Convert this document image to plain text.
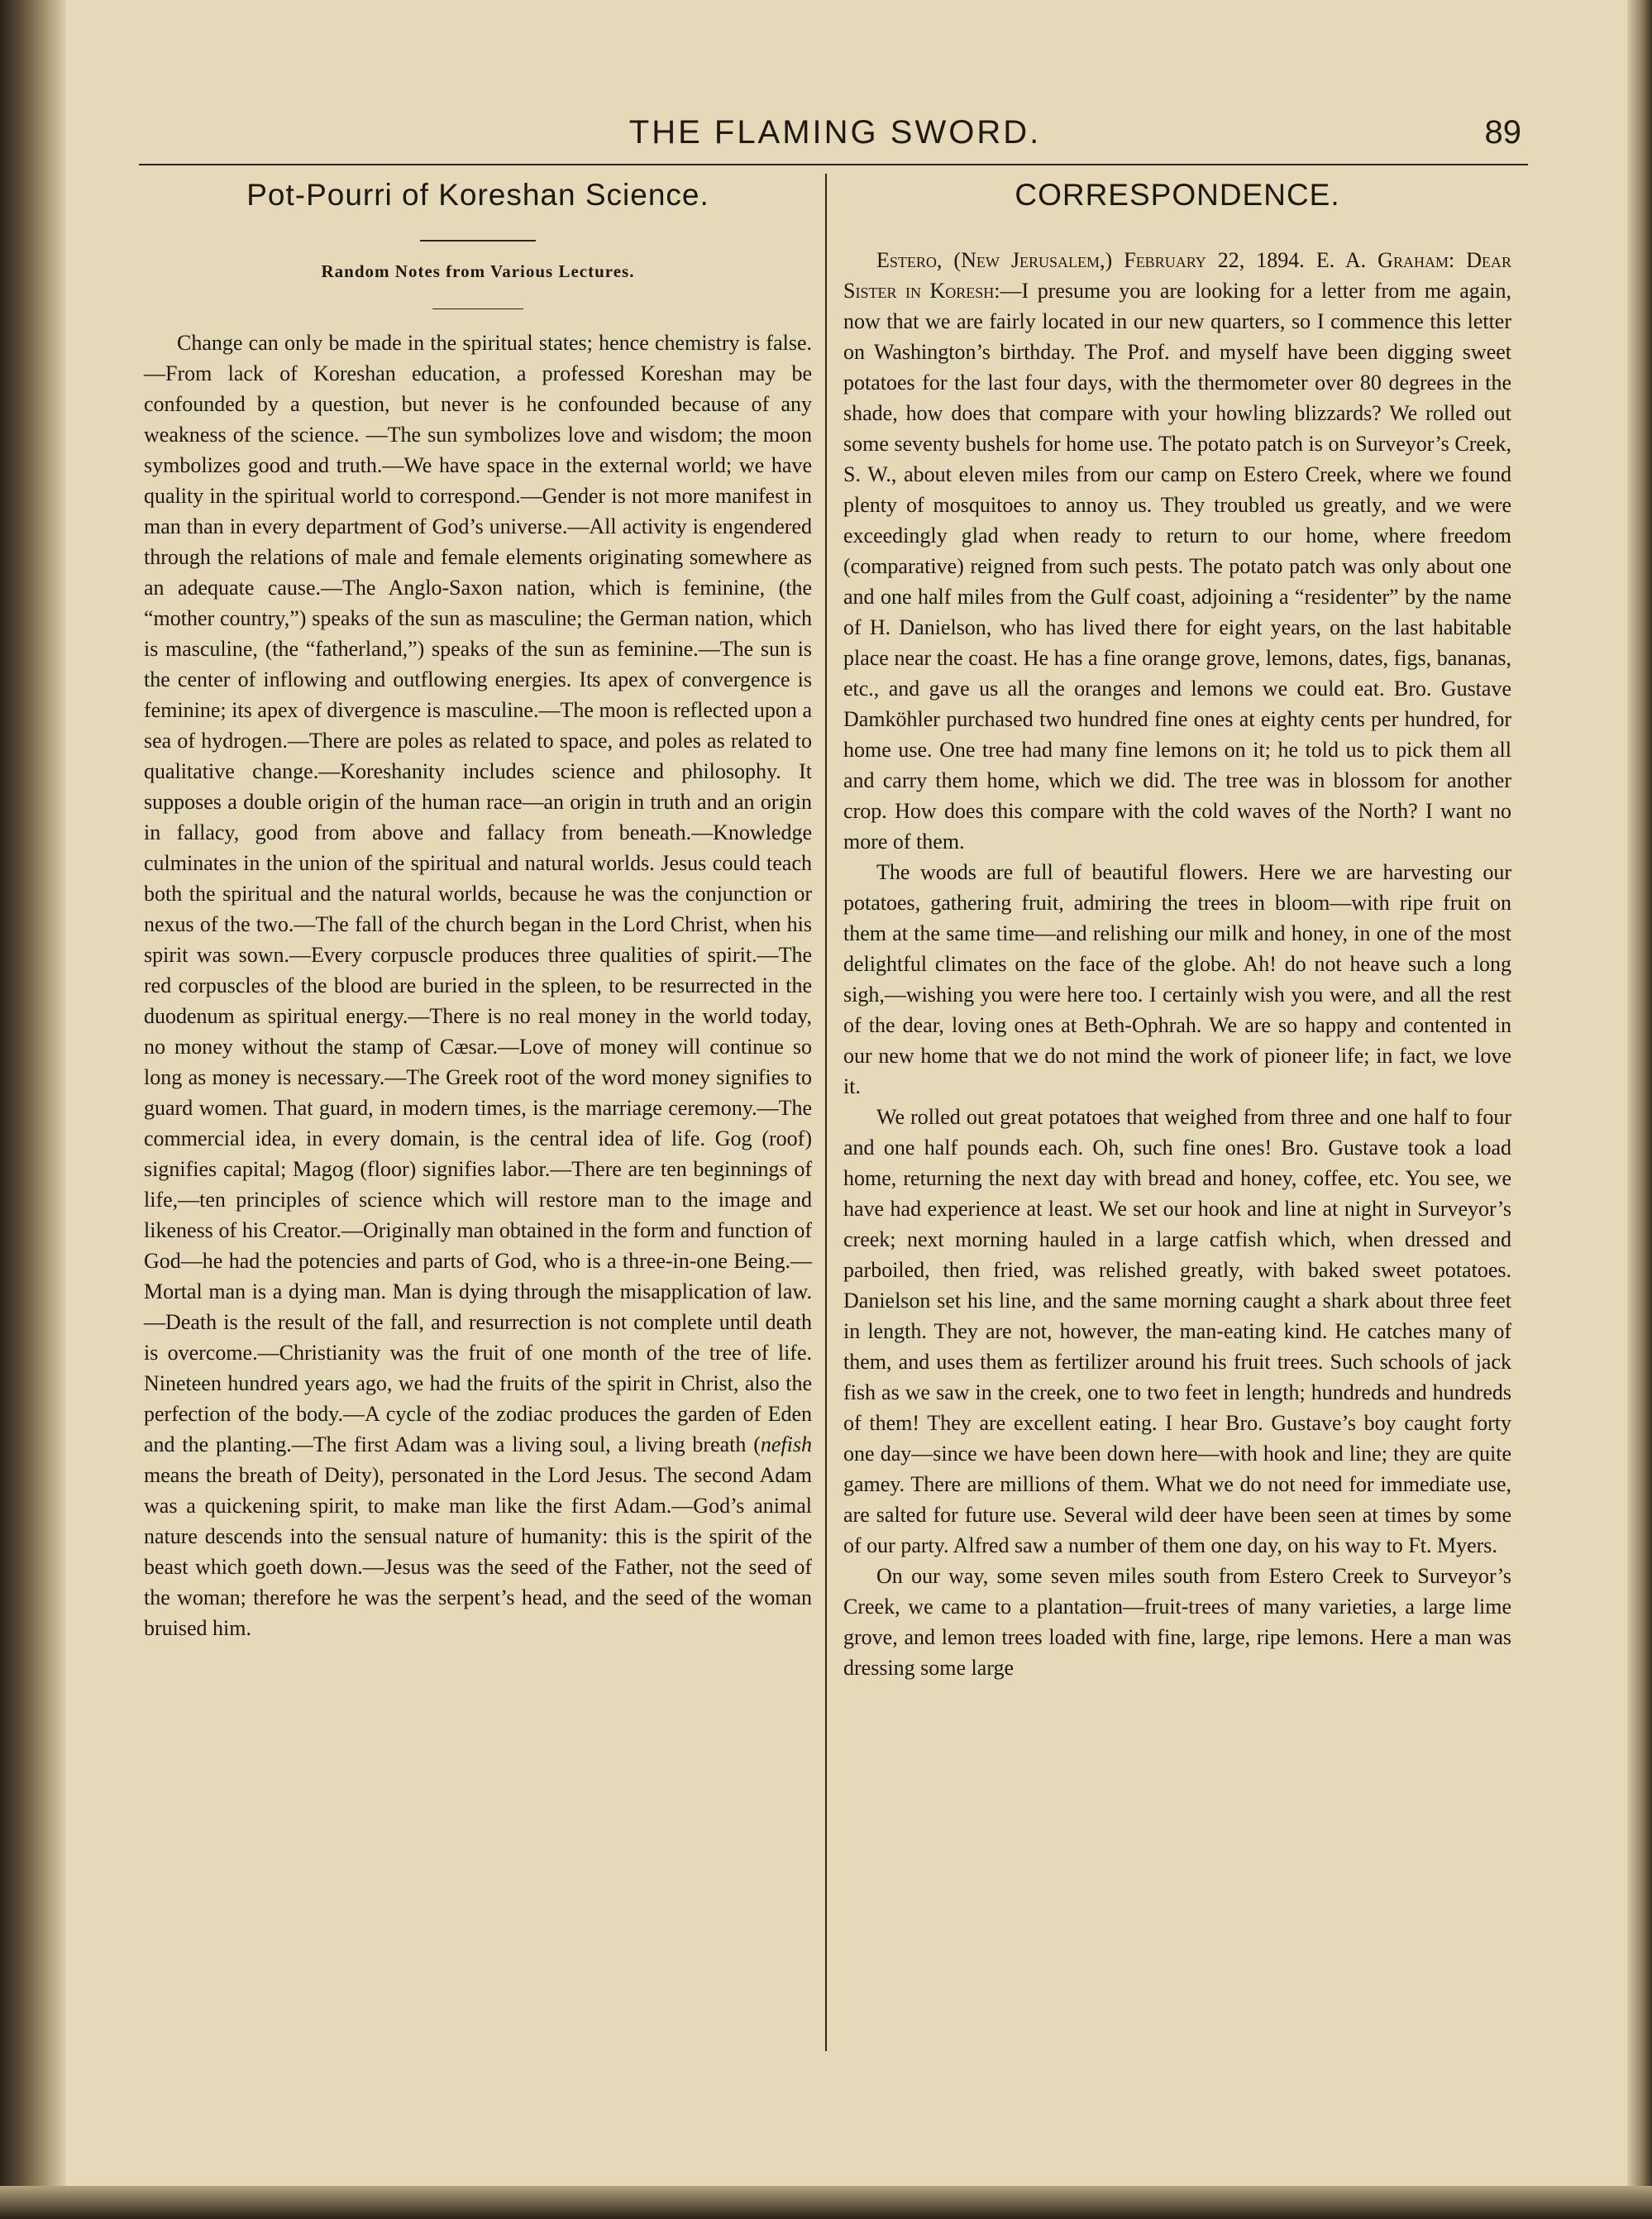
THE FLAMING SWORD.	89
Pot-Pourri of Koreshan Science.
Random Notes from Various Lectures.

Change can only be made in the spiritual states; hence chemistry is false.—From lack of Koreshan education, a professed Koreshan may be confounded by a question, but never is he confounded because of any weakness of the science. —The sun symbolizes love and wisdom; the moon symbolizes good and truth.—We have space in the external world; we have quality in the spiritual world to correspond.—Gender is not more manifest in man than in every department of God’s universe.—All activity is engendered through the relations of male and female elements originating somewhere as an adequate cause.—The Anglo-Saxon nation, which is feminine, (the “mother country,”) speaks of the sun as masculine; the German nation, which is masculine, (the “fatherland,”) speaks of the sun as feminine.—The sun is the center of inflowing and outflowing energies. Its apex of convergence is feminine; its apex of divergence is masculine.—The moon is reflected upon a sea of hydrogen.—There are poles as related to space, and poles as related to qualitative change.—Koreshanity includes science and philosophy. It supposes a double origin of the human race—an origin in truth and an origin in fallacy, good from above and fallacy from beneath.—Knowledge culminates in the union of the spiritual and natural worlds. Jesus could teach both the spiritual and the natural worlds, because he was the conjunction or nexus of the two.—The fall of the church began in the Lord Christ, when his spirit was sown.—Every corpuscle produces three qualities of spirit.—The red corpuscles of the blood are buried in the spleen, to be resurrected in the duodenum as spiritual energy.—There is no real money in the world today, no money without the stamp of Cæsar.—Love of money will continue so long as money is necessary.—The Greek root of the word money signifies to guard women. That guard, in modern times, is the marriage ceremony.—The commercial idea, in every domain, is the central idea of life. Gog (roof) signifies capital; Magog (floor) signifies labor.—There are ten beginnings of life,—ten principles of science which will restore man to the image and likeness of his Creator.—Originally man obtained in the form and function of God—he had the potencies and parts of God, who is a three-in-one Being.—Mortal man is a dying man. Man is dying through the misapplication of law.—Death is the result of the fall, and resurrection is not complete until death is overcome.—Christianity was the fruit of one month of the tree of life. Nineteen hundred years ago, we had the fruits of the spirit in Christ, also the perfection of the body.—A cycle of the zodiac produces the garden of Eden and the planting.—The first Adam was a living soul, a living breath (nefish means the breath of Deity), personated in the Lord Jesus. The second Adam was a quickening spirit, to make man like the first Adam.—God’s animal nature descends into the sensual nature of humanity: this is the spirit of the beast which goeth down.—Jesus was the seed of the Father, not the seed of the woman; therefore he was the serpent’s head, and the seed of the woman bruised him.

CORRESPONDENCE.

Estero, (New Jerusalem,) February 22, 1894. E. A. Graham: Dear Sister in Koresh:—I presume you are looking for a letter from me again, now that we are fairly located in our new quarters, so I commence this letter on Washington’s birthday. The Prof. and myself have been digging sweet potatoes for the last four days, with the thermometer over 80 degrees in the shade, how does that compare with your howling blizzards? We rolled out some seventy bushels for home use. The potato patch is on Surveyor’s Creek, S. W., about eleven miles from our camp on Estero Creek, where we found plenty of mosquitoes to annoy us. They troubled us greatly, and we were exceedingly glad when ready to return to our home, where freedom (comparative) reigned from such pests. The potato patch was only about one and one half miles from the Gulf coast, adjoining a “residenter” by the name of H. Danielson, who has lived there for eight years, on the last habitable place near the coast. He has a fine orange grove, lemons, dates, figs, bananas, etc., and gave us all the oranges and lemons we could eat. Bro. Gustave Damköhler purchased two hundred fine ones at eighty cents per hundred, for home use. One tree had many fine lemons on it; he told us to pick them all and carry them home, which we did. The tree was in blossom for another crop. How does this compare with the cold waves of the North? I want no more of them.

The woods are full of beautiful flowers. Here we are harvesting our potatoes, gathering fruit, admiring the trees in bloom—with ripe fruit on them at the same time—and relishing our milk and honey, in one of the most delightful climates on the face of the globe. Ah! do not heave such a long sigh,—wishing you were here too. I certainly wish you were, and all the rest of the dear, loving ones at Beth-Ophrah. We are so happy and contented in our new home that we do not mind the work of pioneer life; in fact, we love it.

We rolled out great potatoes that weighed from three and one half to four and one half pounds each. Oh, such fine ones! Bro. Gustave took a load home, returning the next day with bread and honey, coffee, etc. You see, we have had experience at least. We set our hook and line at night in Surveyor’s creek; next morning hauled in a large catfish which, when dressed and parboiled, then fried, was relished greatly, with baked sweet potatoes. Danielson set his line, and the same morning caught a shark about three feet in length. They are not, however, the man-eating kind. He catches many of them, and uses them as fertilizer around his fruit trees. Such schools of jack fish as we saw in the creek, one to two feet in length; hundreds and hundreds of them! They are excellent eating. I hear Bro. Gustave’s boy caught forty one day—since we have been down here—with hook and line; they are quite gamey. There are millions of them. What we do not need for immediate use, are salted for future use. Several wild deer have been seen at times by some of our party. Alfred saw a number of them one day, on his way to Ft. Myers.

On our way, some seven miles south from Estero Creek to Surveyor’s Creek, we came to a plantation—fruit-trees of many varieties, a large lime grove, and lemon trees loaded with fine, large, ripe lemons. Here a man was dressing some large
